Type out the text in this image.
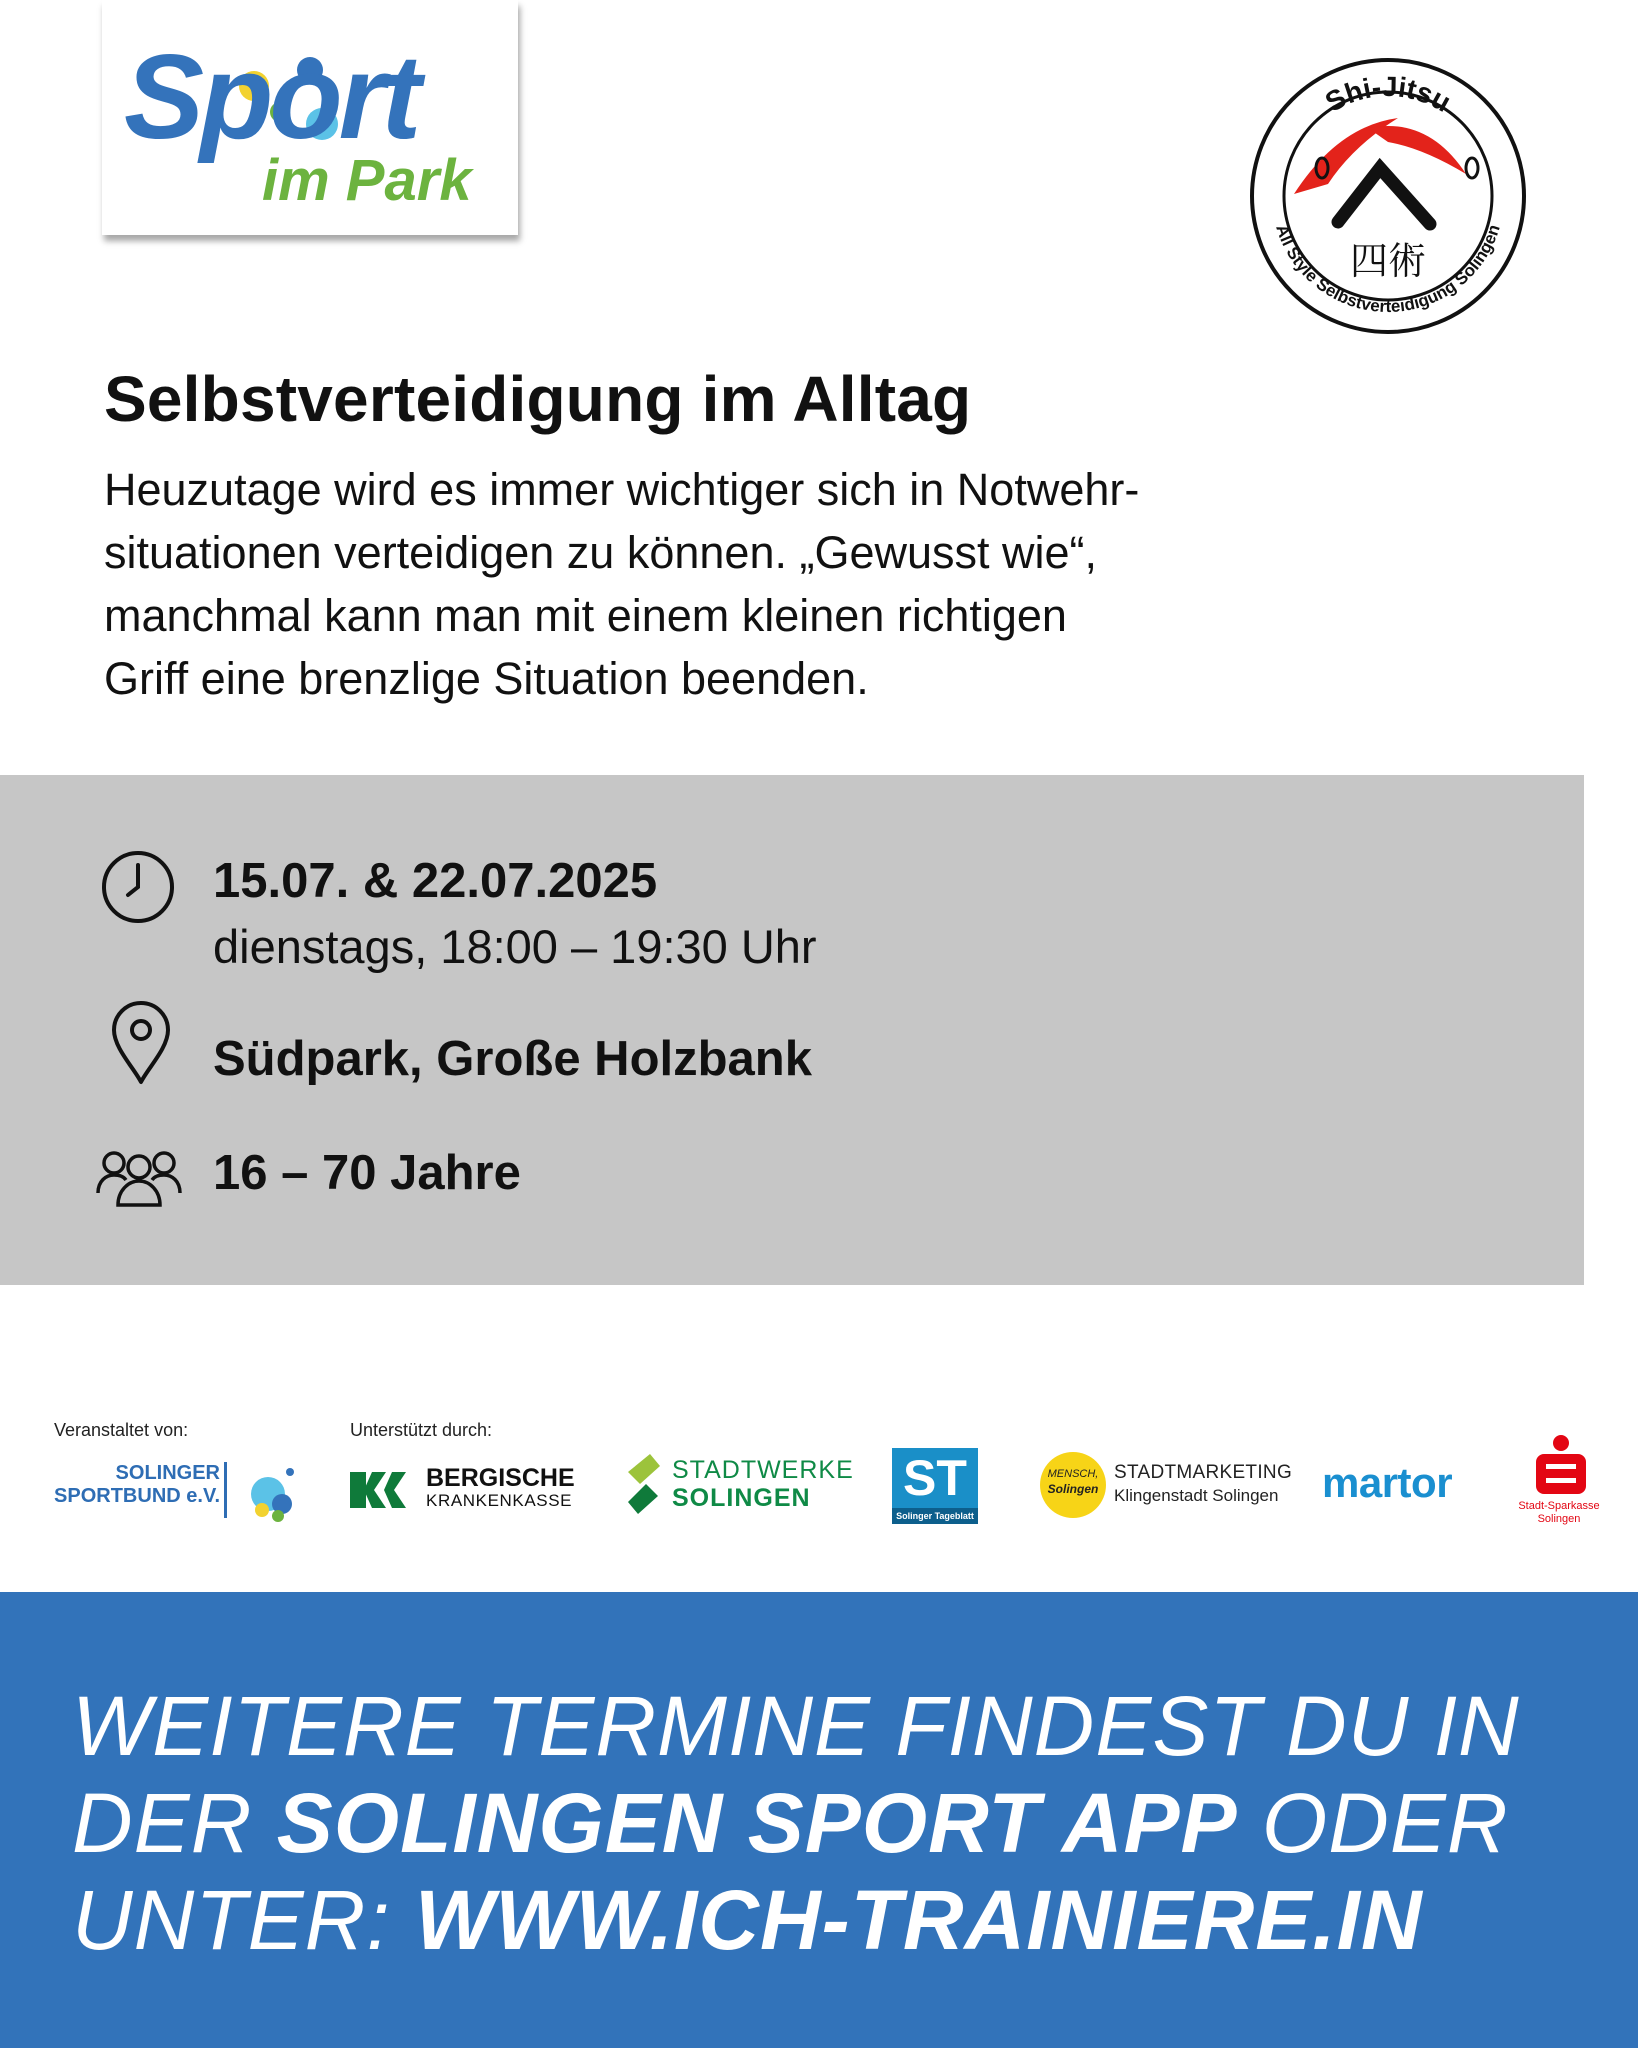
Sport
im Park
Shi-Jitsu
All Style Selbstverteidigung Solingen
四術
Selbstverteidigung im Alltag

Heuzutage wird es immer wichtiger sich in Notwehr-

situationen verteidigen zu können. „Gewusst wie“,

manchmal kann man mit einem kleinen richtigen

Griff eine brenzlige Situation beenden.

15.07. & 22.07.2025
dienstags, 18:00 – 19:30 Uhr
Südpark, Große Holzbank
16 – 70 Jahre
Veranstaltet von:	Unterstützt durch:
SOLINGER
SPORTBUND e.V.
BERGISCHE
KRANKENKASSE
STADTWERKE
SOLINGEN ST
Solinger Tageblatt
MENSCH,
Solingen
STADTMARKETING
Klingenstadt Solingen martor	Stadt-Sparkasse
Solingen
WEITERE TERMINE FINDEST DU IN
DER SOLINGEN SPORT APP ODER
UNTER: WWW.ICH-TRAINIERE.IN
